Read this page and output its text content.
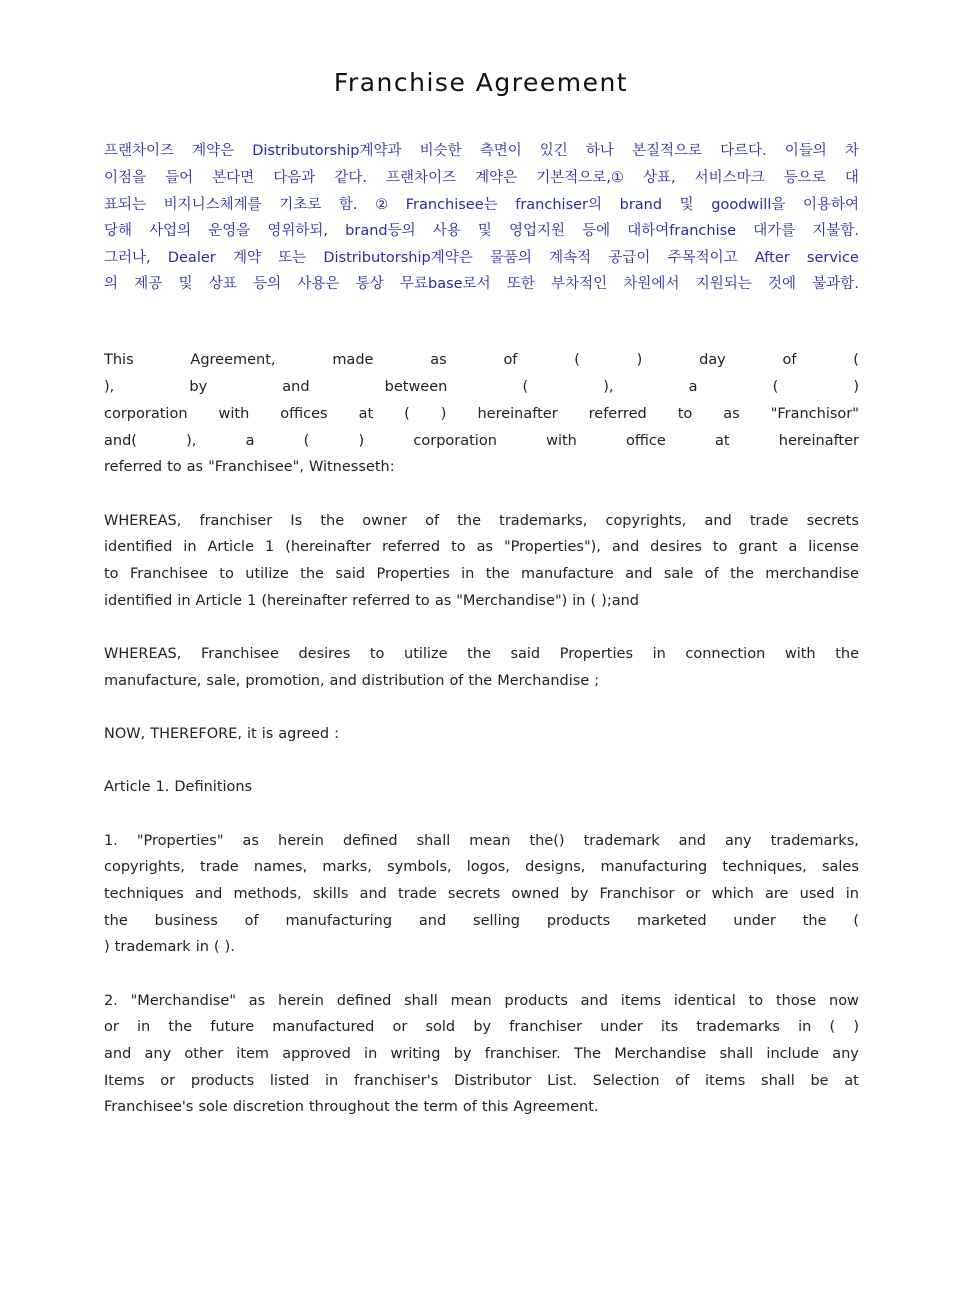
Franchise Agreement
프랜차이즈 계약은 Distributorship계약과 비슷한 측면이 있긴 하나 본질적으로 다르다. 이들의 차
이점을 들어 본다면 다음과 같다. 프랜차이즈 계약은 기본적으로,① 상표, 서비스마크 등으로 대
표되는 비지니스체계를 기초로 함. ② Franchisee는 franchiser의 brand 및 goodwill을 이용하여
당해 사업의 운영을 영위하되, brand등의 사용 및 영업지원 등에 대하여franchise 대가를 지불함.
그러나, Dealer 계약 또는 Distributorship계약은 물품의 계속적 공급이 주목적이고 After service
의 제공 및 상표 등의 사용은 통상 무료base로서 또한 부차적인 차원에서 지원되는 것에 불과함.
This	Agreement,	made	as	of	(	)	day	of	(
),	by	and	between	(	),	a	(	)
corporation with offices at ( ) hereinafter referred to as "Franchisor"
and(	),	a	(	)	corporation	with	office	at	hereinafter
referred to as "Franchisee", Witnesseth:
WHEREAS, franchiser Is the owner of the trademarks, copyrights, and trade secrets
identified in Article 1 (hereinafter referred to as "Properties"), and desires to grant a license
to Franchisee to utilize the said Properties in the manufacture and sale of the merchandise
identified in Article 1 (hereinafter referred to as "Merchandise") in ( );and
WHEREAS, Franchisee desires to utilize the said Properties in connection with the
manufacture, sale, promotion, and distribution of the Merchandise ;
NOW, THEREFORE, it is agreed :
Article 1. Definitions
1. "Properties" as herein defined shall mean the() trademark and any trademarks,
copyrights, trade names, marks, symbols, logos, designs, manufacturing techniques, sales
techniques and methods, skills and trade secrets owned by Franchisor or which are used in
the business of manufacturing and selling products marketed under the (
) trademark in ( ).
2. "Merchandise" as herein defined shall mean products and items identical to those now
or in the future manufactured or sold by franchiser under its trademarks in ( )
and any other item approved in writing by franchiser. The Merchandise shall include any
Items or products listed in franchiser's Distributor List. Selection of items shall be at
Franchisee's sole discretion throughout the term of this Agreement.
